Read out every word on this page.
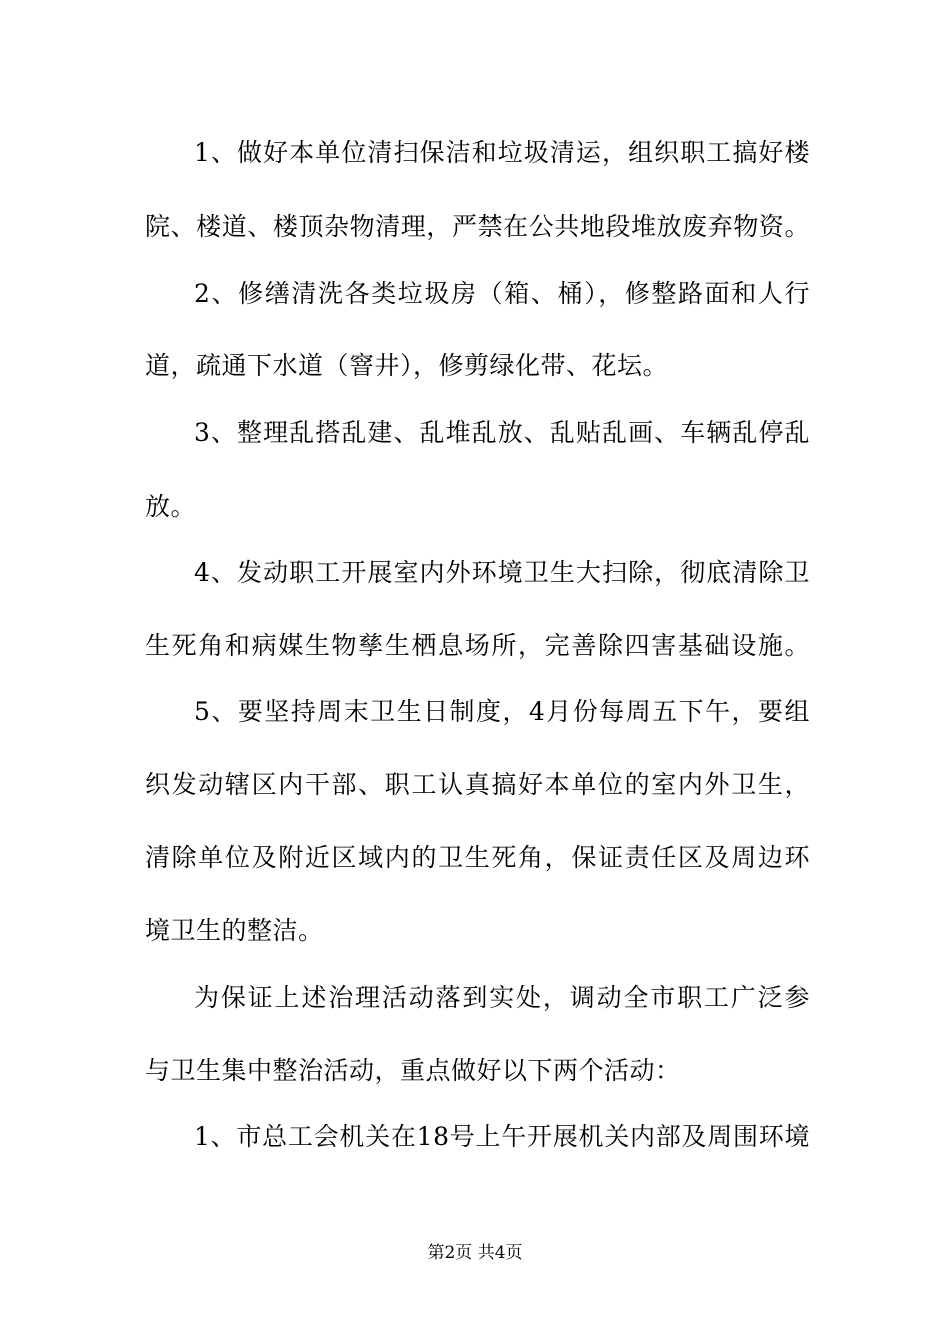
1、做好本单位清扫保洁和垃圾清运，组织职工搞好楼
院、楼道、楼顶杂物清理，严禁在公共地段堆放废弃物资。
2、修缮清洗各类垃圾房（箱、桶），修整路面和人行
道，疏通下水道（窨井），修剪绿化带、花坛。
3、整理乱搭乱建、乱堆乱放、乱贴乱画、车辆乱停乱
放。
4、发动职工开展室内外环境卫生大扫除，彻底清除卫
生死角和病媒生物孳生栖息场所，完善除四害基础设施。
5、要坚持周末卫生日制度，4月份每周五下午，要组
织发动辖区内干部、职工认真搞好本单位的室内外卫生，
清除单位及附近区域内的卫生死角，保证责任区及周边环
境卫生的整洁。
为保证上述治理活动落到实处，调动全市职工广泛参
与卫生集中整治活动，重点做好以下两个活动：
1、市总工会机关在18号上午开展机关内部及周围环境
第2页 共4页
